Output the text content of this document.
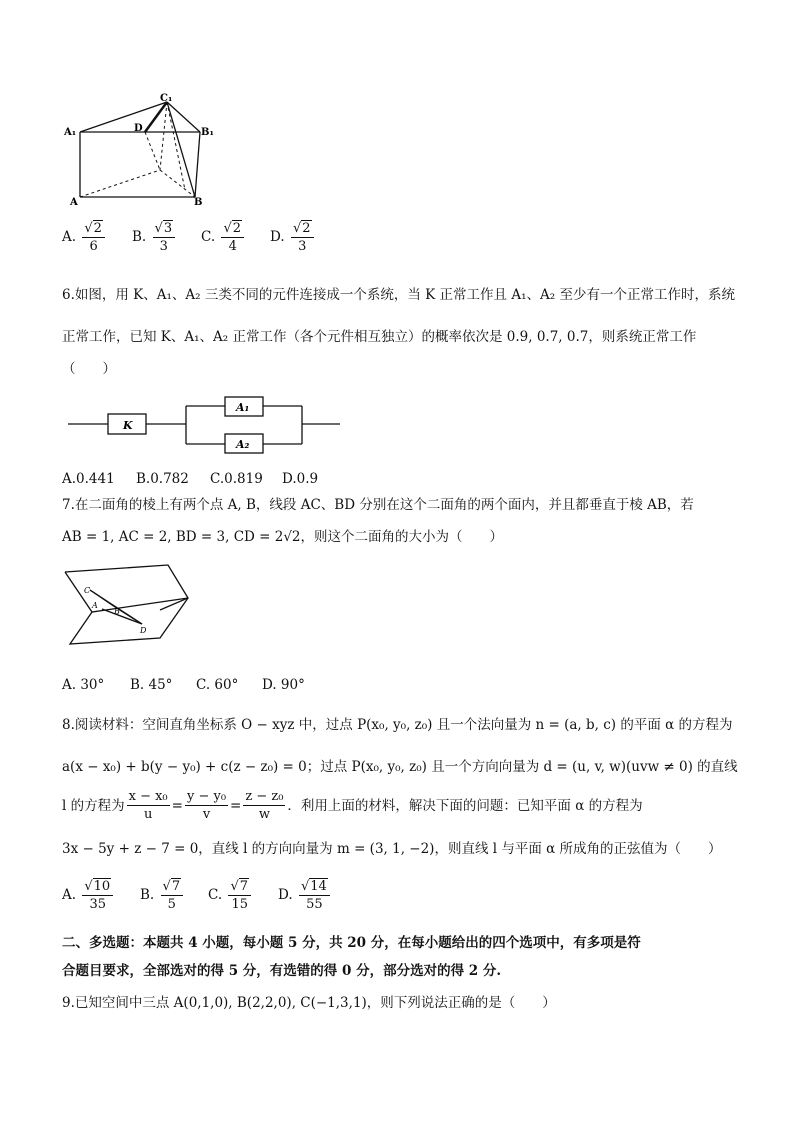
A₁
C₁
B₁
D
A	B
A. $\frac{√2}{6} B$. $\frac{√3}{3} C$. $\frac{√2}{4} D$. $\frac{√2}{3}$
6.如图，用 K、A₁、A₂ 三类不同的元件连接成一个系统，当 K 正常工作且 A₁、A₂ 至少有一个正常工作时，系统
正常工作，已知 K、A₁、A₂ 正常工作（各个元件相互独立）的概率依次是 0.9, 0.7, 0.7，则系统正常工作
（　　）
K
A₁
A₂
A.0.441 B.0.782 C.0.819 D.0.9
7.在二面角的棱上有两个点 A, B，线段 AC、BD 分别在这个二面角的两个面内，并且都垂直于棱 AB，若
AB = 1, AC = 2, BD = 3, CD = 2√2，则这个二面角的大小为（　　）
C
A
B
D
A. 30° B. 45° C. 60° D. 90°
8.阅读材料：空间直角坐标系 O − xyz 中，过点 P(x₀, y₀, z₀) 且一个法向量为 n = (a, b, c) 的平面 α 的方程为
a(x − x₀) + b(y − y₀) + c(z − z₀) = 0；过点 P(x₀, y₀, z₀) 且一个方向向量为 d = (u, v, w)(uvw ≠ 0) 的直线
l 的方程为 $\frac{\text{x − x₀}}{u} = \frac{\text{y − y₀}}{v} = \frac{\text{z − z₀}}{w}$ ．利用上面的材料，解决下面的问题：已知平面 α 的方程为
3x − 5y + z − 7 = 0，直线 l 的方向向量为 m = (3, 1, −2)，则直线 l 与平面 α 所成角的正弦值为（　　）
A. $\frac{√10}{35} B$. $\frac{√7}{5} C$. $\frac{√7}{15} D$. $\frac{√14}{55}$
二、多选题：本题共 4 小题，每小题 5 分，共 20 分，在每小题给出的四个选项中，有多项是符
合题目要求，全部选对的得 5 分，有选错的得 0 分，部分选对的得 2 分.
9.已知空间中三点 A(0,1,0), B(2,2,0), C(−1,3,1)，则下列说法正确的是（　　）
